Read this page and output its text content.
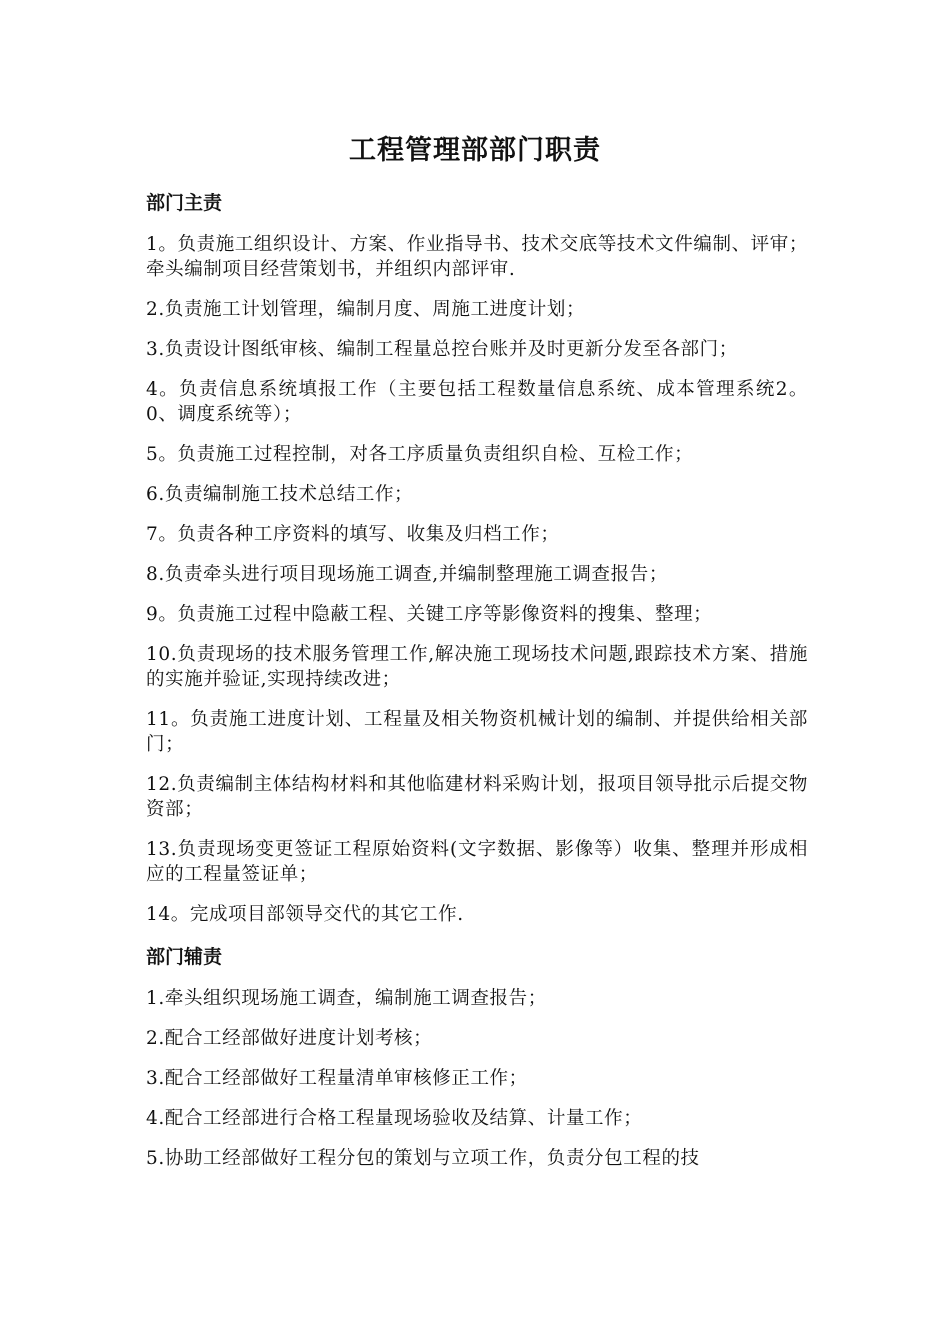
工程管理部部门职责
部门主责

1。负责施工组织设计、方案、作业指导书、技术交底等技术文件编制、评审；牵头编制项目经营策划书，并组织内部评审.

2.负责施工计划管理，编制月度、周施工进度计划；

3.负责设计图纸审核、编制工程量总控台账并及时更新分发至各部门；

4。负责信息系统填报工作（主要包括工程数量信息系统、成本管理系统2。0、调度系统等）；

5。负责施工过程控制，对各工序质量负责组织自检、互检工作；

6.负责编制施工技术总结工作；

7。负责各种工序资料的填写、收集及归档工作；

8.负责牵头进行项目现场施工调查,并编制整理施工调查报告；

9。负责施工过程中隐蔽工程、关键工序等影像资料的搜集、整理；

10.负责现场的技术服务管理工作,解决施工现场技术问题,跟踪技术方案、措施的实施并验证,实现持续改进；

11。负责施工进度计划、工程量及相关物资机械计划的编制、并提供给相关部门；

12.负责编制主体结构材料和其他临建材料采购计划，报项目领导批示后提交物资部；

13.负责现场变更签证工程原始资料(文字数据、影像等）收集、整理并形成相应的工程量签证单；

14。完成项目部领导交代的其它工作.

部门辅责

1.牵头组织现场施工调查，编制施工调查报告；

2.配合工经部做好进度计划考核；

3.配合工经部做好工程量清单审核修正工作；

4.配合工经部进行合格工程量现场验收及结算、计量工作；

5.协助工经部做好工程分包的策划与立项工作，负责分包工程的技
